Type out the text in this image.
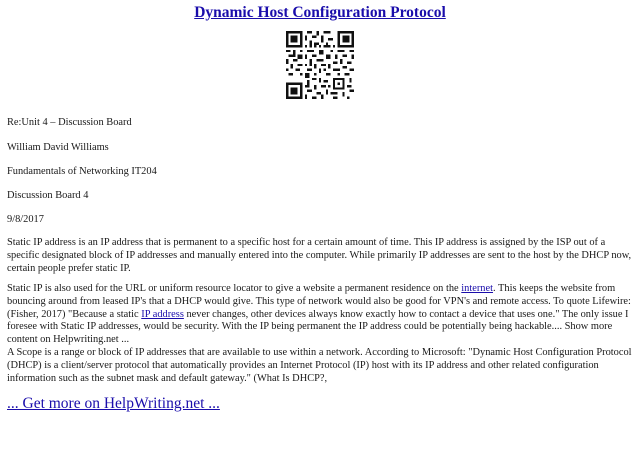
Dynamic Host Configuration Protocol
Re:Unit 4 – Discussion Board
William David Williams
Fundamentals of Networking IT204
Discussion Board 4
9/8/2017
Static IP address is an IP address that is permanent to a specific host for a certain amount of time. This IP address is assigned by the ISP out of a specific designated block of IP addresses and manually entered into the computer. While primarily IP addresses are sent to the host by the DHCP now, certain people prefer static IP.
Static IP is also used for the URL or uniform resource locator to give a website a permanent residence on the internet. This keeps the website from bouncing around from leased IP's that a DHCP would give. This type of network would also be good for VPN's and remote access. To quote Lifewire: (Fisher, 2017) "Because a static IP address never changes, other devices always know exactly how to contact a device that uses one." The only issue I foresee with Static IP addresses, would be security. With the IP being permanent the IP address could be potentially being hackable.... Show more content on Helpwriting.net ...
A Scope is a range or block of IP addresses that are available to use within a network. According to Microsoft: "Dynamic Host Configuration Protocol (DHCP) is a client/server protocol that automatically provides an Internet Protocol (IP) host with its IP address and other related configuration information such as the subnet mask and default gateway." (What Is DHCP?,
... Get more on HelpWriting.net ...
